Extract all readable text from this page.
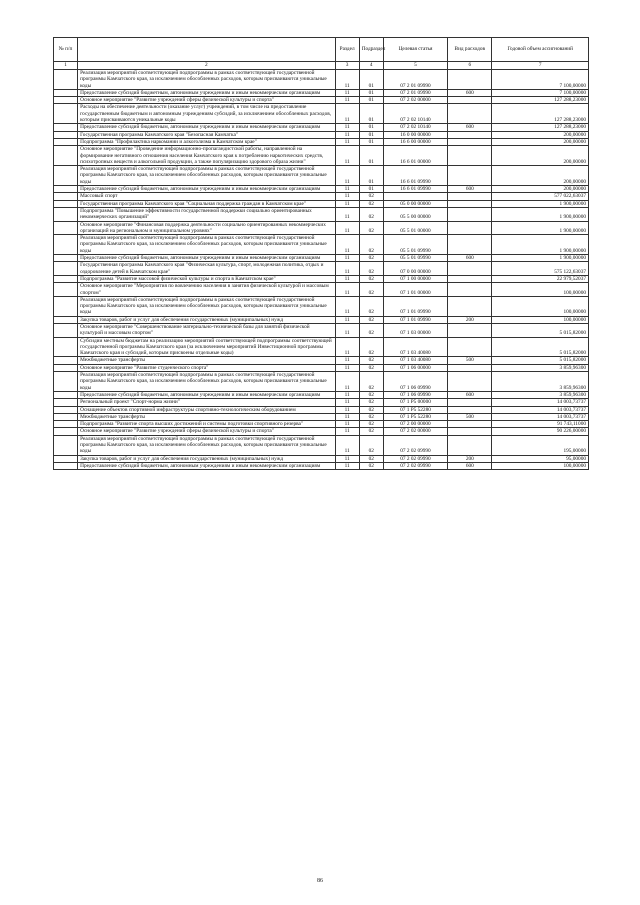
№ п/п		Раздел	Подраздел	Целевая статья	Вид расходов	Годовой объем ассигнований
1	2	3	4	5	6	7
	Реализация мероприятий соответствующей подпрограммы в рамках соответствующей государственной программы Камчатского края, за исключением обособленных расходов, которым присваиваются уникальные коды	11	01	07 2 01 09990		7 100,00000
	Предоставление субсидий бюджетным, автономным учреждениям и иным некоммерческим организациям	11	01	07 2 01 09990	600	7 100,00000
	Основное мероприятие "Развитие учреждений сферы физической культуры и спорта"	11	01	07 2 02 00000		127 288,23000
	Расходы на обеспечение деятельности (оказание услуг) учреждений, в том числе на предоставление государственным бюджетным и автономным учреждениям субсидий, за исключением обособленных расходов, которым присваиваются уникальные коды	11	01	07 2 02 10140		127 288,23000
	Предоставление субсидий бюджетным, автономным учреждениям и иным некоммерческим организациям	11	01	07 2 02 10140	600	127 288,23000
	Государственная программа Камчатского края "Безопасная Камчатка"	11	01	16 0 00 00000		200,00000
	Подпрограмма "Профилактика наркомании и алкоголизма в Камчатском крае"	11	01	16 6 00 00000		200,00000
	Основное мероприятие "Проведение информационно-пропагандистской работы, направленной на формирование негативного отношения населения Камчатского края к потреблению наркотических средств, психотропных веществ и алкогольной продукции, а также популяризацию здорового образа жизни"	11	01	16 6 01 00000		200,00000
	Реализация мероприятий соответствующей подпрограммы в рамках соответствующей государственной программы Камчатского края, за исключением обособленных расходов, которым присваиваются уникальные коды	11	01	16 6 01 09990		200,00000
	Предоставление субсидий бюджетным, автономным учреждениям и иным некоммерческим организациям	11	01	16 6 01 09990	600	200,00000
	Массовый спорт	11	02			577 022,63037
	Государственная программа Камчатского края "Социальная поддержка граждан в Камчатском крае"	11	02	05 0 00 00000		1 900,00000
	Подпрограмма "Повышение эффективности государственной поддержки социально ориентированных некоммерческих организаций"	11	02	05 5 00 00000		1 900,00000
	Основное мероприятие "Финансовая поддержка деятельности социально ориентированных некоммерческих организаций на региональном и муниципальном уровнях"	11	02	05 5 01 00000		1 900,00000
	Реализация мероприятий соответствующей подпрограммы в рамках соответствующей государственной программы Камчатского края, за исключением обособленных расходов, которым присваиваются уникальные коды	11	02	05 5 01 09990		1 900,00000
	Предоставление субсидий бюджетным, автономным учреждениям и иным некоммерческим организациям	11	02	05 5 01 09990	600	1 900,00000
	Государственная программа Камчатского края "Физическая культура, спорт, молодежная политика, отдых и оздоровление детей в Камчатском крае"	11	02	07 0 00 00000		575 122,63037
	Подпрограмма "Развитие массовой физической культуры и спорта в Камчатском крае"	11	02	07 1 00 00000		22 979,52037
	Основное мероприятие "Мероприятия по вовлечению населения в занятия физической культурой и массовым спортом"	11	02	07 1 01 00000		100,00000
	Реализация мероприятий соответствующей подпрограммы в рамках соответствующей государственной программы Камчатского края, за исключением обособленных расходов, которым присваиваются уникальные коды	11	02	07 1 01 09990		100,00000
	Закупка товаров, работ и услуг для обеспечения государственных (муниципальных) нужд	11	02	07 1 01 09990	200	100,00000
	Основное мероприятие "Совершенствование материально-технической базы для занятий физической культурой и массовым спортом"	11	02	07 1 03 00000		5 015,82000
	Субсидии местным бюджетам на реализацию мероприятий соответствующей подпрограммы соответствующей государственной программы Камчатского края (за исключением мероприятий Инвестиционной программы Камчатского края и субсидий, которым присвоены отдельные коды)	11	02	07 1 03 40080		5 015,82000
	Межбюджетные трансферты	11	02	07 1 03 40080	500	5 015,82000
	Основное мероприятие "Развитие студенческого спорта"	11	02	07 1 06 00000		3 859,96300
	Реализация мероприятий соответствующей подпрограммы в рамках соответствующей государственной программы Камчатского края, за исключением обособленных расходов, которым присваиваются уникальные коды	11	02	07 1 06 09990		3 859,96300
	Предоставление субсидий бюджетным, автономным учреждениям и иным некоммерческим организациям	11	02	07 1 06 09990	600	3 859,96300
	Региональный проект "Спорт-норма жизни"	11	02	07 1 P5 00000		14 003,73737
	Оснащение объектов спортивной инфраструктуры спортивно-технологическим оборудованием	11	02	07 1 P5 52280		14 003,73737
	Межбюджетные трансферты	11	02	07 1 P5 52280	500	14 003,73737
	Подпрограмма "Развитие спорта высших достижений и системы подготовки спортивного резерва"	11	02	07 2 00 00000		91 743,11000
	Основное мероприятие "Развитие учреждений сферы физической культуры и спорта"	11	02	07 2 02 00000		90 226,00000
	Реализация мероприятий соответствующей подпрограммы в рамках соответствующей государственной программы Камчатского края, за исключением обособленных расходов, которым присваиваются уникальные коды	11	02	07 2 02 09990		195,00000
	Закупка товаров, работ и услуг для обеспечения государственных (муниципальных) нужд	11	02	07 2 02 09990	200	95,00000
	Предоставление субсидий бюджетным, автономным учреждениям и иным некоммерческим организациям	11	02	07 2 02 09990	600	100,00000
86
